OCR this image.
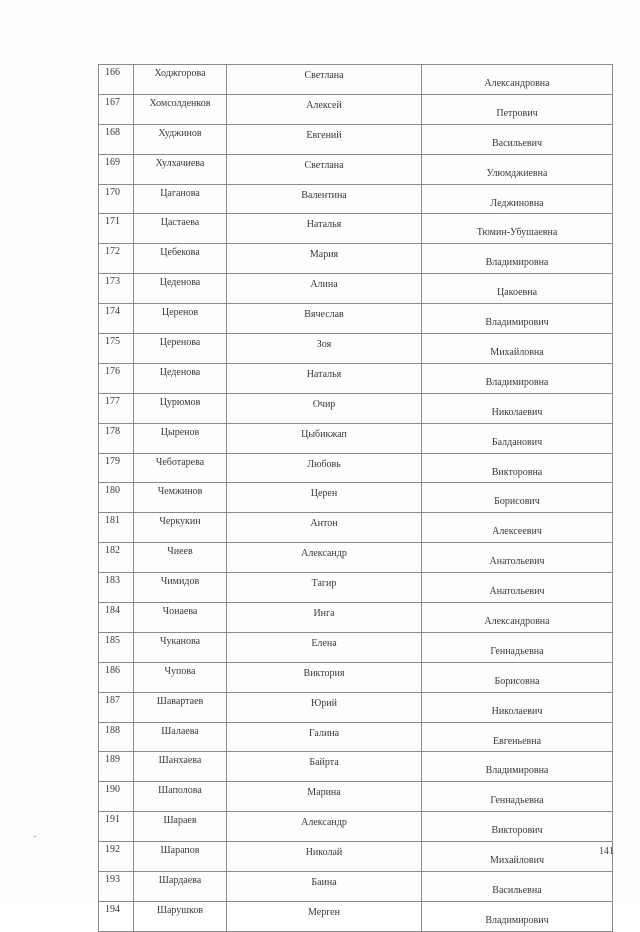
166	Ходжгорова	Светлана	Александровна
167	Хомсолденков	Алексей	Петрович
168	Худжинов	Евгений	Васильевич
169	Хулхачиева	Светлана	Улюмджиевна
170	Цаганова	Валентина	Леджиновна
171	Цастаева	Наталья	Тюмин-Убушаевна
172	Цебекова	Мария	Владимировна
173	Цеденова	Алина	Цакоевна
174	Церенов	Вячеслав	Владимирович
175	Церенова	Зоя	Михайловна
176	Цеденова	Наталья	Владимировна
177	Цурюмов	Очир	Николаевич
178	Цыренов	Цыбикжап	Балданович
179	Чеботарева	Любовь	Викторовна
180	Чемжинов	Церен	Борисович
181	Черкукин	Антон	Алексеевич
182	Чиеев	Александр	Анатольевич
183	Чимидов	Тагир	Анатольевич
184	Чонаева	Инга	Александровна
185	Чуканова	Елена	Геннадьевна
186	Чупова	Виктория	Борисовна
187	Шавартаев	Юрий	Николаевич
188	Шалаева	Галина	Евгеньевна
189	Шанхаева	Байрта	Владимировна
190	Шаполова	Марина	Геннадьевна
191	Шараев	Александр	Викторович
192	Шарапов	Николай	Михайлович
193	Шардаева	Баина	Васильевна
194	Шарушков	Мерген	Владимирович
141
